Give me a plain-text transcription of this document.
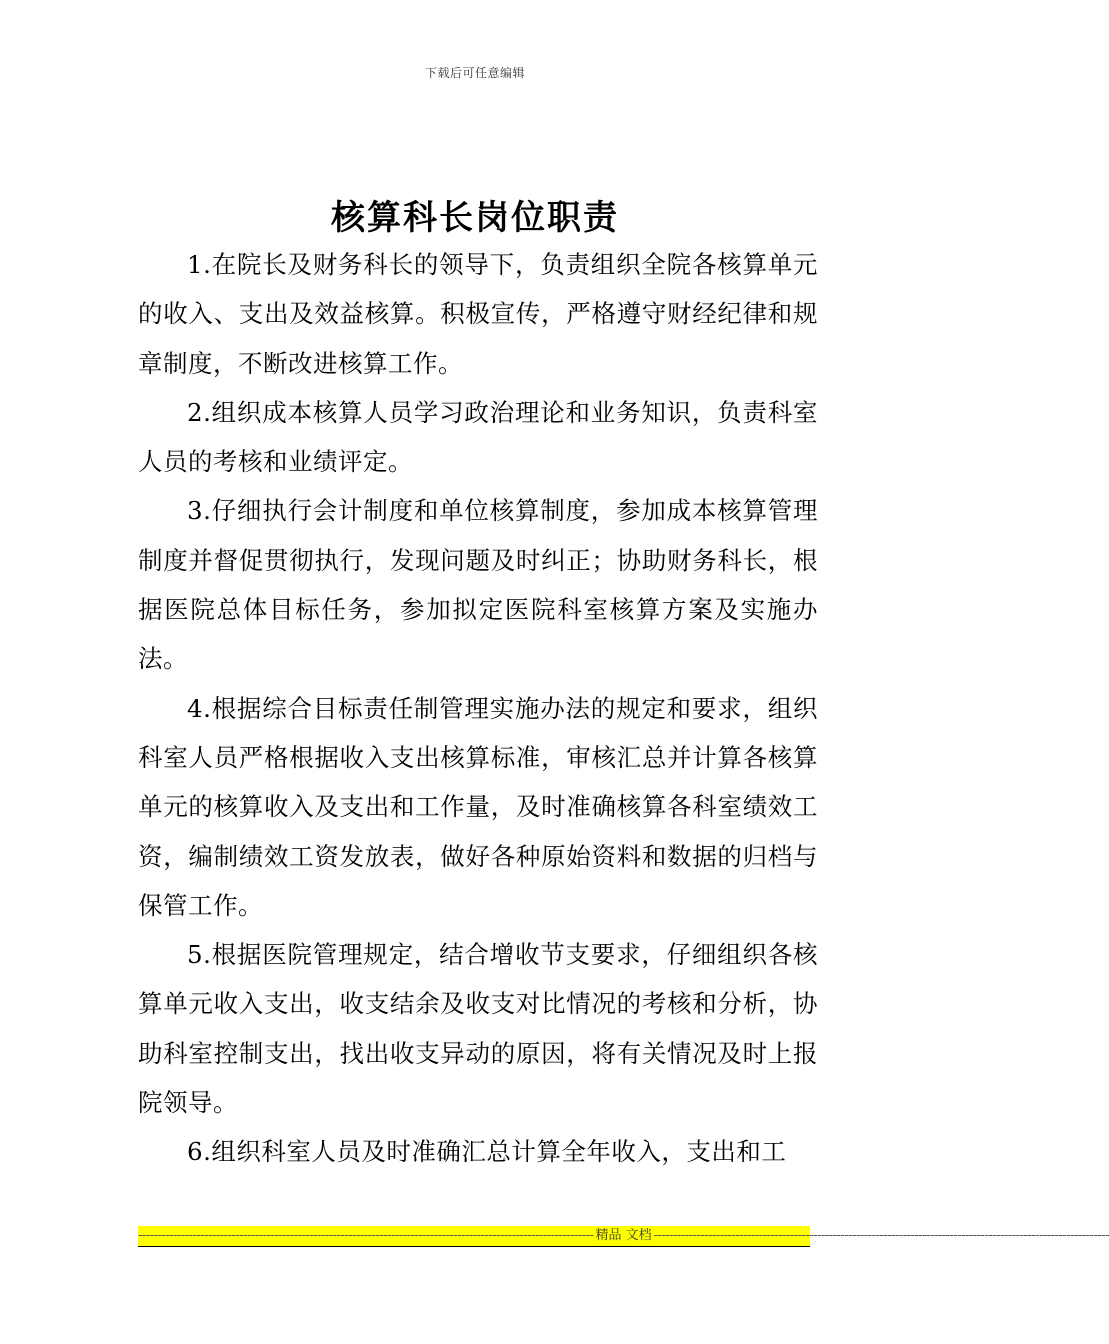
下载后可任意编辑
核算科长岗位职责

1.在院长及财务科长的领导下，负责组织全院各核算单元的收入、支出及效益核算。积极宣传，严格遵守财经纪律和规章制度，不断改进核算工作。

2.组织成本核算人员学习政治理论和业务知识，负责科室人员的考核和业绩评定。

3.仔细执行会计制度和单位核算制度，参加成本核算管理制度并督促贯彻执行，发现问题及时纠正；协助财务科长，根据医院总体目标任务，参加拟定医院科室核算方案及实施办法。

4.根据综合目标责任制管理实施办法的规定和要求，组织科室人员严格根据收入支出核算标准，审核汇总并计算各核算单元的核算收入及支出和工作量，及时准确核算各科室绩效工资，编制绩效工资发放表，做好各种原始资料和数据的归档与保管工作。

5.根据医院管理规定，结合增收节支要求，仔细组织各核算单元收入支出，收支结余及收支对比情况的考核和分析，协助科室控制支出，找出收支异动的原因，将有关情况及时上报院领导。

6.组织科室人员及时准确汇总计算全年收入，支出和工

--------------------------------------------------------------------------------------------------------------------- 精品 文档 ---------------------------------------------------------------------------------------------------------------------
